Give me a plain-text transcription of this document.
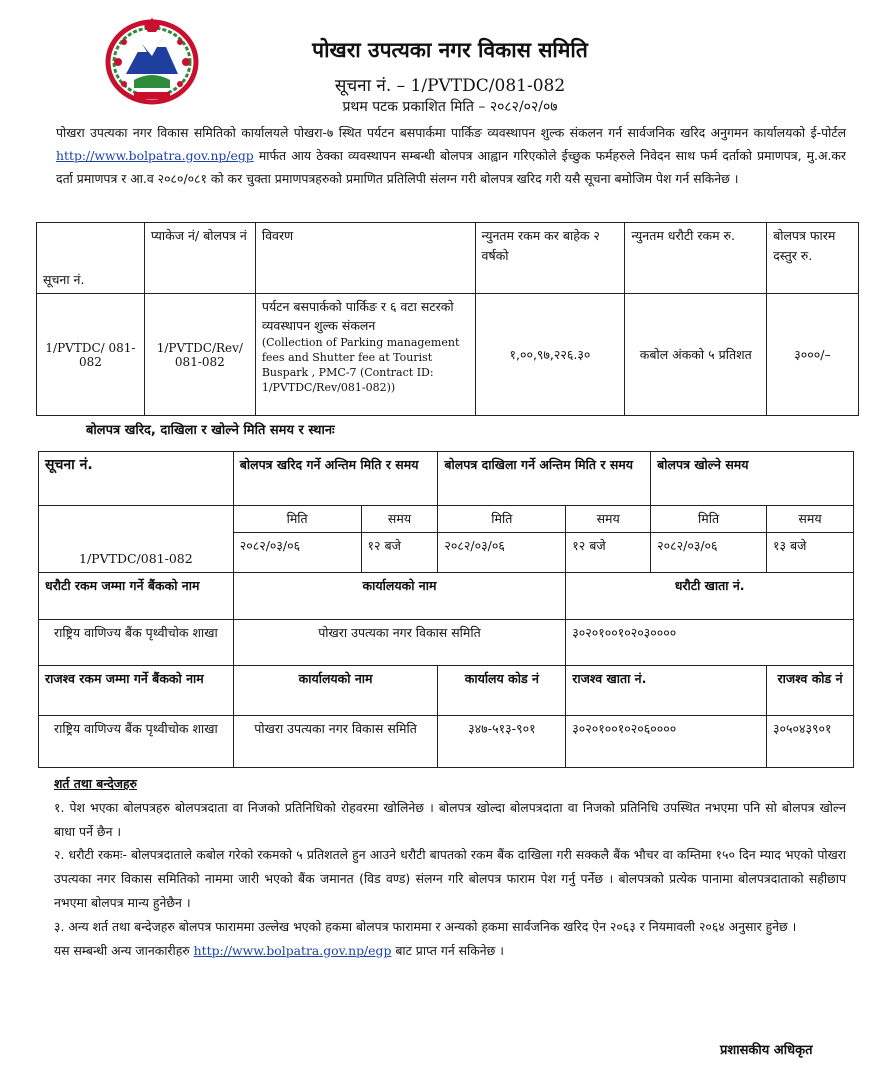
पोखरा उपत्यका नगर विकास समिति
सूचना नं. – 1/PVTDC/081-082
प्रथम पटक प्रकाशित मिति – २०८२/०२/०७
पोखरा उपत्यका नगर विकास समितिको कार्यालयले पोखरा-७ स्थित पर्यटन बसपार्कमा पार्किङ व्यवस्थापन शुल्क संकलन गर्न सार्वजनिक खरिद अनुगमन कार्यालयको ई-पोर्टल http://www.bolpatra.gov.np/egp मार्फत आय ठेक्का व्यवस्थापन सम्बन्धी बोलपत्र आह्वान गरिएकोले ईच्छुक फर्महरुले निवेदन साथ फर्म दर्ताको प्रमाणपत्र, मु.अ.कर दर्ता प्रमाणपत्र र आ.व २०८०/०८१ को कर चुक्ता प्रमाणपत्रहरुको प्रमाणित प्रतिलिपी संलग्न गरी बोलपत्र खरिद गरी यसै सूचना बमोजिम पेश गर्न सकिनेछ ।
सूचना नं.	प्याकेज नं/ बोलपत्र नं	विवरण	न्युनतम रकम कर बाहेक २ वर्षको	न्युनतम धरौटी रकम रु.	बोलपत्र फारम दस्तुर रु.
1/PVTDC/ 081-082	1/PVTDC/Rev/ 081-082	पर्यटन बसपार्कको पार्किङ र ६ वटा सटरको व्यवस्थापन शुल्क संकलन
(Collection of Parking management fees and Shutter fee at Tourist Buspark , PMC-7 (Contract ID: 1/PVTDC/Rev/081-082))	१,००,९७,२२६.३०	कबोल अंकको ५ प्रतिशत	३०००/–
बोलपत्र खरिद, दाखिला र खोल्ने मिति समय र स्थानः
सूचना नं.	बोलपत्र खरिद गर्ने अन्तिम मिति र समय		बोलपत्र दाखिला गर्ने अन्तिम मिति र समय		बोलपत्र खोल्ने समय	
1/PVTDC/081-082	मिति	समय	मिति	समय	मिति	समय
	२०८२/०३/०६	१२ बजे	२०८२/०३/०६	१२ बजे	२०८२/०३/०६	१३ बजे
धरौटी रकम जम्मा गर्ने बैंकको नाम	कार्यालयको नाम			धरौटी खाता नं.		
राष्ट्रिय वाणिज्य बैंक पृथ्वीचोक शाखा	पोखरा उपत्यका नगर विकास समिति			३०२०१००१०२०३००००		
राजश्व रकम जम्मा गर्ने बैंकको नाम	कार्यालयको नाम		कार्यालय कोड नं	राजश्व खाता नं.		राजश्व कोड नं
राष्ट्रिय वाणिज्य बैंक पृथ्वीचोक शाखा	पोखरा उपत्यका नगर विकास समिति		३४७-५१३-९०१	३०२०१००१०२०६००००		३०५०४३९०१

शर्त तथा बन्देजहरु

१. पेश भएका बोलपत्रहरु बोलपत्रदाता वा निजको प्रतिनिधिको रोहवरमा खोलिनेछ । बोलपत्र खोल्दा बोलपत्रदाता वा निजको प्रतिनिधि उपस्थित नभएमा पनि सो बोलपत्र खोल्न बाधा पर्ने छैन ।

२. धरौटी रकमः- बोलपत्रदाताले कबोल गरेको रकमको ५ प्रतिशतले हुन आउने धरौटी बापतको रकम बैंक दाखिला गरी सक्कलै बैंक भौचर वा कम्तिमा १५० दिन म्याद भएको पोखरा उपत्यका नगर विकास समितिको नाममा जारी भएको बैंक जमानत (विड वण्ड) संलग्न गरि बोलपत्र फाराम पेश गर्नु पर्नेछ । बोलपत्रको प्रत्येक पानामा बोलपत्रदाताको सहीछाप नभएमा बोलपत्र मान्य हुनेछैन ।

३. अन्य शर्त तथा बन्देजहरु बोलपत्र फाराममा उल्लेख भएको हकमा बोलपत्र फाराममा र अन्यको हकमा सार्वजनिक खरिद ऐन २०६३ र नियमावली २०६४ अनुसार हुनेछ ।

यस सम्बन्धी अन्य जानकारीहरु http://www.bolpatra.gov.np/egp बाट प्राप्त गर्न सकिनेछ ।

प्रशासकीय अधिकृत
